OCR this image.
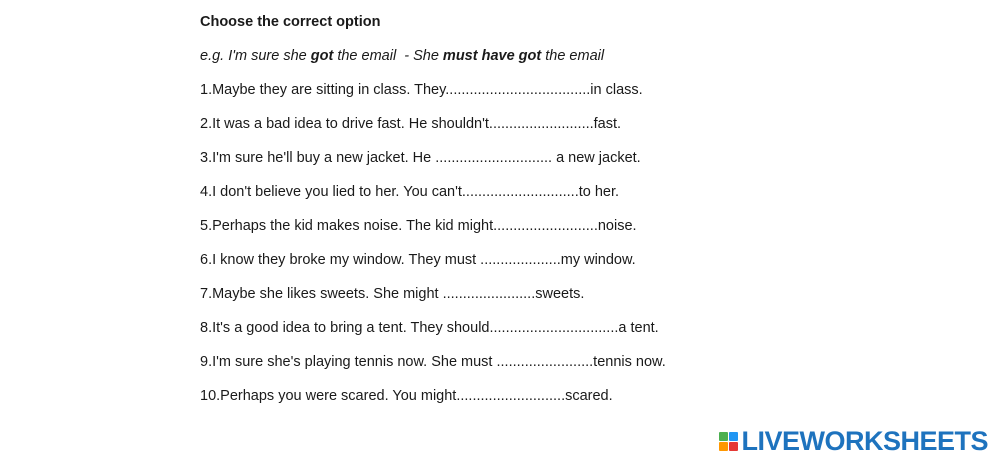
Choose the correct option
e.g. I'm sure she got the email  - She must have got the email
1.Maybe they are sitting in class. They....................................in class.
2.It was a bad idea to drive fast. He shouldn't..........................fast.
3.I'm sure he'll buy a new jacket. He ............................. a new jacket.
4.I don't believe you lied to her. You can't.............................to her.
5.Perhaps the kid makes noise. The kid might..........................noise.
6.I know they broke my window. They must ....................my window.
7.Maybe she likes sweets. She might .......................sweets.
8.It's a good idea to bring a tent. They should................................a tent.
9.I'm sure she's playing tennis now. She must ........................tennis now.
10.Perhaps you were scared. You might...........................scared.
LIVEWORKSHEETS
